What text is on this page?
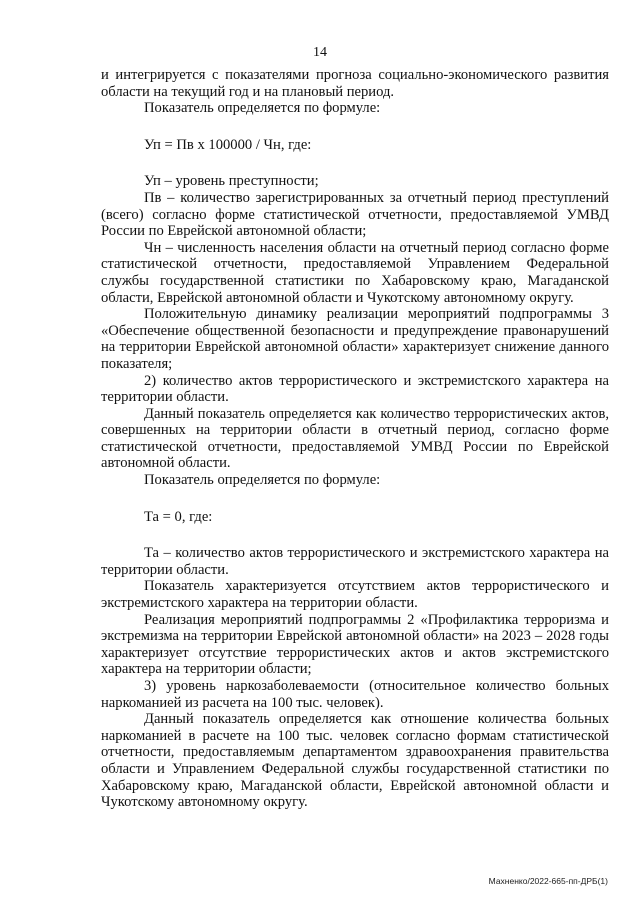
14

и интегрируется с показателями прогноза социально-экономического развития области на текущий год и на плановый период.

Показатель определяется по формуле:

Уп = Пв х 100000 / Чн, где:

Уп – уровень преступности;

Пв – количество зарегистрированных за отчетный период преступлений (всего) согласно форме статистической отчетности, предоставляемой УМВД России по Еврейской автономной области;

Чн – численность населения области на отчетный период согласно форме статистической отчетности, предоставляемой Управлением Федеральной службы государственной статистики по Хабаровскому краю, Магаданской области, Еврейской автономной области и Чукотскому автономному округу.

Положительную динамику реализации мероприятий подпрограммы 3 «Обеспечение общественной безопасности и предупреждение правонарушений на территории Еврейской автономной области» характеризует снижение данного показателя;

2) количество актов террористического и экстремистского характера на территории области.

Данный показатель определяется как количество террористических актов, совершенных на территории области в отчетный период, согласно форме статистической отчетности, предоставляемой УМВД России по Еврейской автономной области.

Показатель определяется по формуле:

Та = 0, где:

Та – количество актов террористического и экстремистского характера на территории области.

Показатель характеризуется отсутствием актов террористического и экстремистского характера на территории области.

Реализация мероприятий подпрограммы 2 «Профилактика терроризма и экстремизма на территории Еврейской автономной области» на 2023 – 2028 годы характеризует отсутствие террористических актов и актов экстремистского характера на территории области;

3) уровень наркозаболеваемости (относительное количество больных наркоманией из расчета на 100 тыс. человек).

Данный показатель определяется как отношение количества больных наркоманией в расчете на 100 тыс. человек согласно формам статистической отчетности, предоставляемым департаментом здравоохранения правительства области и Управлением Федеральной службы государственной статистики по Хабаровскому краю, Магаданской области, Еврейской автономной области и Чукотскому автономному округу.

Махненко/2022-665-пп-ДРБ(1)
